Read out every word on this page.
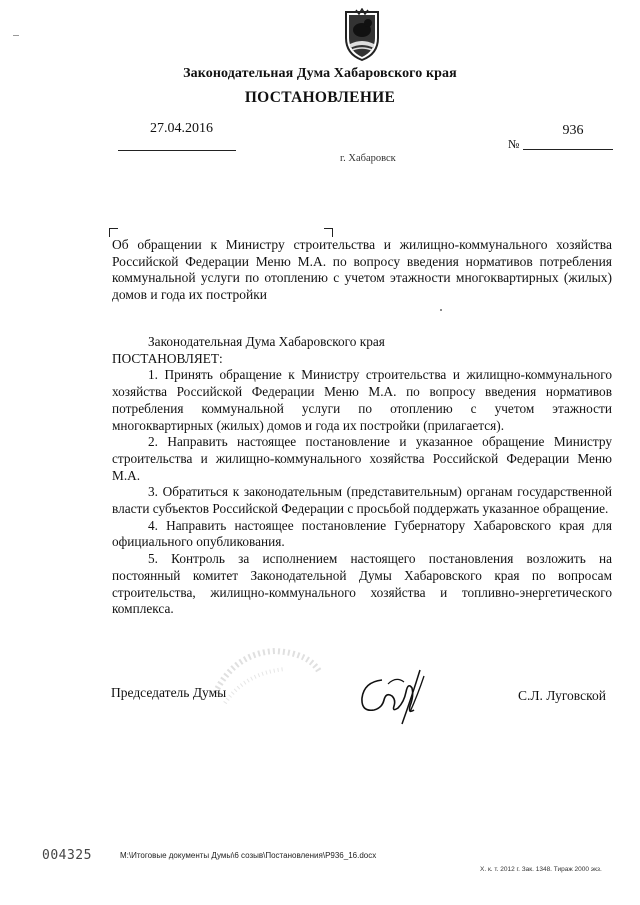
Законодательная Дума Хабаровского края
ПОСТАНОВЛЕНИЕ
27.04.2016
№
936
г. Хабаровск
Об обращении к Министру строительства и жилищно-коммунального хозяйства Российской Федерации Меню М.А. по вопросу введения нормативов потребления коммунальной услуги по отоплению с учетом этажности многоквартирных (жилых) домов и года их постройки

Законодательная Дума Хабаровского края

ПОСТАНОВЛЯЕТ:

1. Принять обращение к Министру строительства и жилищно-коммунального хозяйства Российской Федерации Меню М.А. по вопросу введения нормативов потребления коммунальной услуги по отоплению с учетом этажности многоквартирных (жилых) домов и года их постройки (прилагается).

2. Направить настоящее постановление и указанное обращение Министру строительства и жилищно-коммунального хозяйства Российской Федерации Меню М.А.

3. Обратиться к законодательным (представительным) органам государственной власти субъектов Российской Федерации с просьбой поддержать указанное обращение.

4. Направить настоящее постановление Губернатору Хабаровского края для официального опубликования.

5. Контроль за исполнением настоящего постановления возложить на постоянный комитет Законодательной Думы Хабаровского края по вопросам строительства, жилищно-коммунального хозяйства и топливно-энергетического комплекса.

Председатель Думы	С.Л. Луговской
004325	M:\Итоговые документы Думы\6 созыв\Постановления\P936_16.docx
Х. к. т. 2012 г. Зак. 1348. Тираж 2000 экз.
